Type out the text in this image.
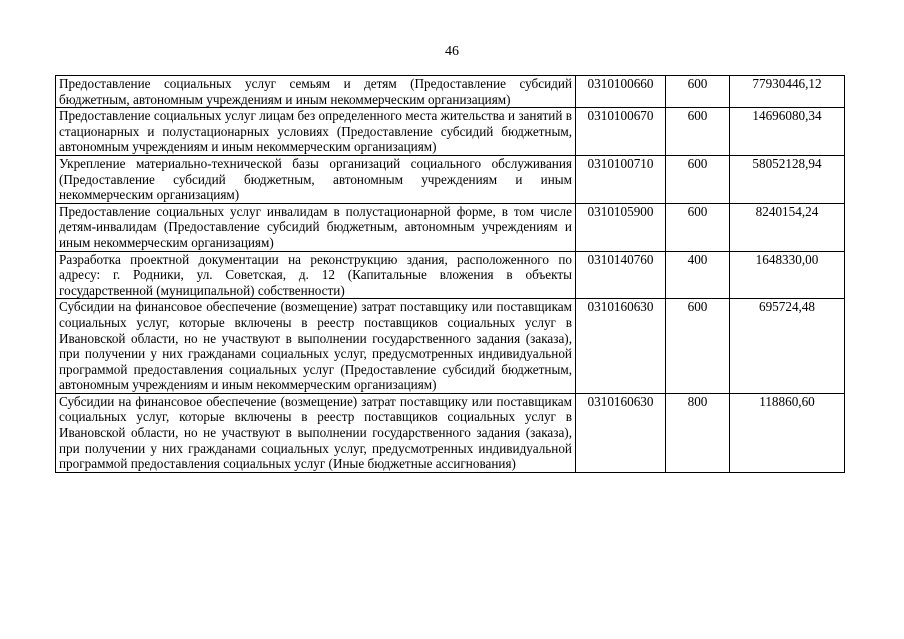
46
Предоставление социальных услуг семьям и детям (Предоставление субсидий бюджетным, автономным учреждениям и иным некоммерческим организациям)	0310100660	600	77930446,12
Предоставление социальных услуг лицам без определенного места жительства и занятий в стационарных и полустационарных условиях (Предоставление субсидий бюджетным, автономным учреждениям и иным некоммерческим организациям)	0310100670	600	14696080,34
Укрепление материально-технической базы организаций социального обслуживания (Предоставление субсидий бюджетным, автономным учреждениям и иным некоммерческим организациям)	0310100710	600	58052128,94
Предоставление социальных услуг инвалидам в полустационарной форме, в том числе детям-инвалидам (Предоставление субсидий бюджетным, автономным учреждениям и иным некоммерческим организациям)	0310105900	600	8240154,24
Разработка проектной документации на реконструкцию здания, расположенного по адресу: г. Родники, ул. Советская, д. 12 (Капитальные вложения в объекты государственной (муниципальной) собственности)	0310140760	400	1648330,00
Субсидии на финансовое обеспечение (возмещение) затрат поставщику или поставщикам социальных услуг, которые включены в реестр поставщиков социальных услуг в Ивановской области, но не участвуют в выполнении государственного задания (заказа), при получении у них гражданами социальных услуг, предусмотренных индивидуальной программой предоставления социальных услуг (Предоставление субсидий бюджетным, автономным учреждениям и иным некоммерческим организациям)	0310160630	600	695724,48
Субсидии на финансовое обеспечение (возмещение) затрат поставщику или поставщикам социальных услуг, которые включены в реестр поставщиков социальных услуг в Ивановской области, но не участвуют в выполнении государственного задания (заказа), при получении у них гражданами социальных услуг, предусмотренных индивидуальной программой предоставления социальных услуг (Иные бюджетные ассигнования)	0310160630	800	118860,60
